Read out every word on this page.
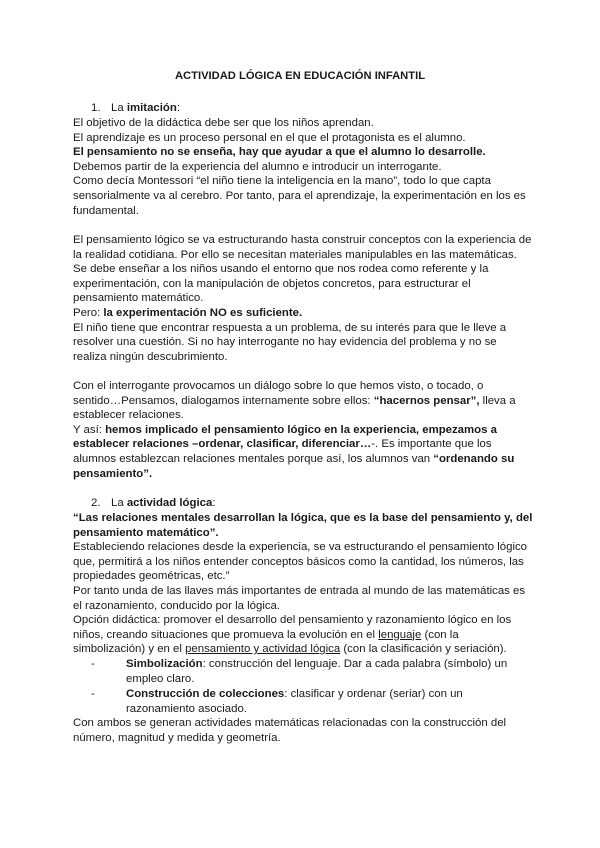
ACTIVIDAD LÓGICA EN EDUCACIÓN INFANTIL
1. La imitación:

El objetivo de la didáctica debe ser que los niños aprendan.

El aprendizaje es un proceso personal en el que el protagonista es el alumno.

El pensamiento no se enseña, hay que ayudar a que el alumno lo desarrolle.

Debemos partir de la experiencia del alumno e introducir un interrogante.

Como decía Montessori “el niño tiene la inteligencia en la mano”, todo lo que capta sensorialmente va al cerebro. Por tanto, para el aprendizaje, la experimentación en los es fundamental.

El pensamiento lógico se va estructurando hasta construir conceptos con la experiencia de la realidad cotidiana. Por ello se necesitan materiales manipulables en las matemáticas.

Se debe enseñar a los niños usando el entorno que nos rodea como referente y la experimentación, con la manipulación de objetos concretos, para estructurar el pensamiento matemático.

Pero: la experimentación NO es suficiente.

El niño tiene que encontrar respuesta a un problema, de su interés para que le lleve a resolver una cuestión. Si no hay interrogante no hay evidencia del problema y no se realiza ningún descubrimiento.

Con el interrogante provocamos un diálogo sobre lo que hemos visto, o tocado, o sentido…Pensamos, dialogamos internamente sobre ellos: “hacernos pensar”, lleva a establecer relaciones.

Y así: hemos implicado el pensamiento lógico en la experiencia, empezamos a establecer relaciones –ordenar, clasificar, diferenciar…-. Es importante que los alumnos establezcan relaciones mentales porque así, los alumnos van “ordenando su pensamiento”.

2. La actividad lógica:

“Las relaciones mentales desarrollan la lógica, que es la base del pensamiento y, del pensamiento matemático”.

Estableciendo relaciones desde la experiencia, se va estructurando el pensamiento lógico que, permitirá a los niños entender conceptos básicos como la cantidad, los números, las propiedades geométricas, etc.”

Por tanto unda de las llaves más importantes de entrada al mundo de las matemáticas es el razonamiento, conducido por la lógica.

Opción didáctica: promover el desarrollo del pensamiento y razonamiento lógico en los niños, creando situaciones que promueva la evolución en el lenguaje (con la simbolización) y en el pensamiento y actividad lógica (con la clasificación y seriación).

-	Simbolización: construcción del lenguaje. Dar a cada palabra (símbolo) un empleo claro.
-	Construcción de colecciones: clasificar y ordenar (seriar) con un razonamiento asociado.

Con ambos se generan actividades matemáticas relacionadas con la construcción del número, magnitud y medida y geometría.
